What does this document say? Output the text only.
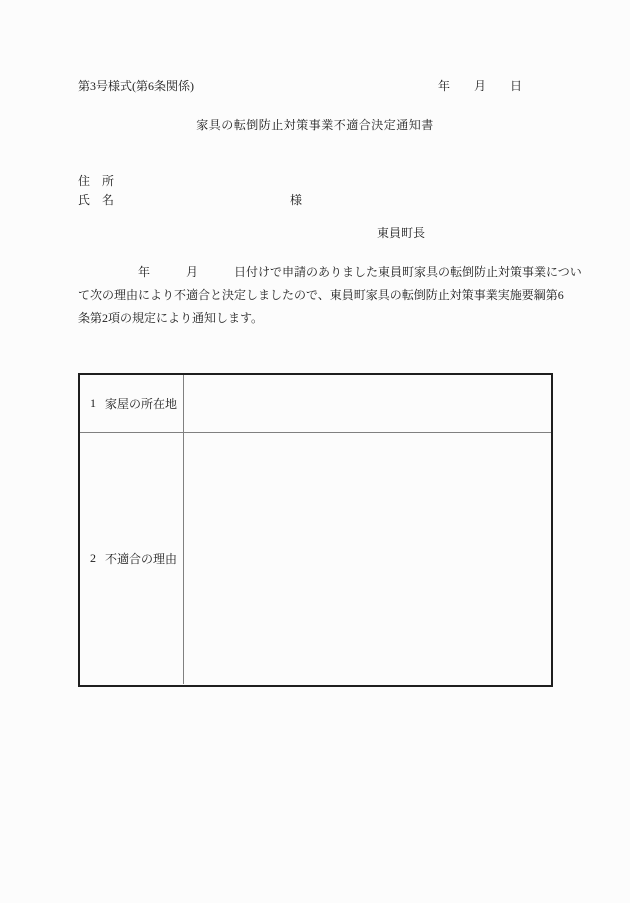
第3号様式(第6条関係)	年　　月　　日
家具の転倒防止対策事業不適合決定通知書
住　所
氏　名	様
東員町長
　　　　　年　　　月　　　日付けで申請のありました東員町家具の転倒防止対策事業につい
て次の理由により不適合と決定しましたので、東員町家具の転倒防止対策事業実施要綱第6
条第2項の規定により通知します。
1 家屋の所在地
2 不適合の理由
